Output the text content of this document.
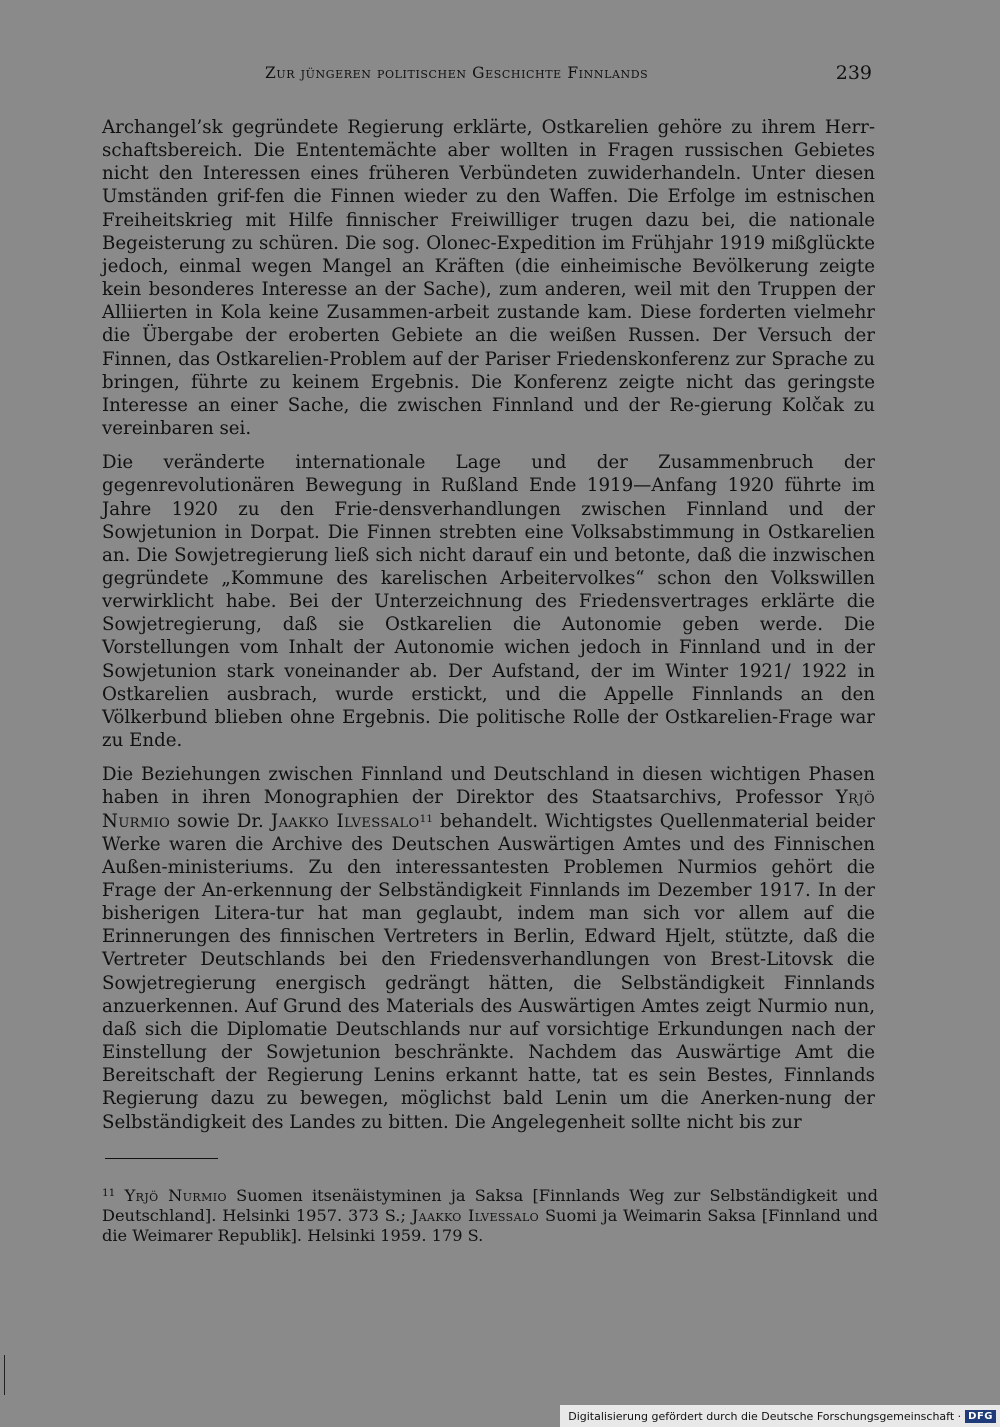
Zur jüngeren politischen Geschichte Finnlands	239

Archangel’sk gegründete Regierung erklärte, Ostkarelien gehöre zu ihrem Herr-schaftsbereich. Die Ententemächte aber wollten in Fragen russischen Gebietes nicht den Interessen eines früheren Verbündeten zuwiderhandeln. Unter diesen Umständen grif-fen die Finnen wieder zu den Waffen. Die Erfolge im estnischen Freiheitskrieg mit Hilfe finnischer Freiwilliger trugen dazu bei, die nationale Begeisterung zu schüren. Die sog. Olonec-Expedition im Frühjahr 1919 mißglückte jedoch, einmal wegen Mangel an Kräften (die einheimische Bevölkerung zeigte kein besonderes Interesse an der Sache), zum anderen, weil mit den Truppen der Alliierten in Kola keine Zusammen-arbeit zustande kam. Diese forderten vielmehr die Übergabe der eroberten Gebiete an die weißen Russen. Der Versuch der Finnen, das Ostkarelien-Problem auf der Pariser Friedenskonferenz zur Sprache zu bringen, führte zu keinem Ergebnis. Die Konferenz zeigte nicht das geringste Interesse an einer Sache, die zwischen Finnland und der Re-gierung Kolčak zu vereinbaren sei.

Die veränderte internationale Lage und der Zusammenbruch der gegenrevolutionären Bewegung in Rußland Ende 1919—Anfang 1920 führte im Jahre 1920 zu den Frie-densverhandlungen zwischen Finnland und der Sowjetunion in Dorpat. Die Finnen strebten eine Volksabstimmung in Ostkarelien an. Die Sowjetregierung ließ sich nicht darauf ein und betonte, daß die inzwischen gegründete „Kommune des karelischen Arbeitervolkes“ schon den Volkswillen verwirklicht habe. Bei der Unterzeichnung des Friedensvertrages erklärte die Sowjetregierung, daß sie Ostkarelien die Autonomie geben werde. Die Vorstellungen vom Inhalt der Autonomie wichen jedoch in Finnland und in der Sowjetunion stark voneinander ab. Der Aufstand, der im Winter 1921/ 1922 in Ostkarelien ausbrach, wurde erstickt, und die Appelle Finnlands an den Völkerbund blieben ohne Ergebnis. Die politische Rolle der Ostkarelien-Frage war zu Ende.

Die Beziehungen zwischen Finnland und Deutschland in diesen wichtigen Phasen haben in ihren Monographien der Direktor des Staatsarchivs, Professor Yrjö Nurmio sowie Dr. Jaakko Ilvessalo$^{11}$ behandelt. Wichtigstes Quellenmaterial beider Werke waren die Archive des Deutschen Auswärtigen Amtes und des Finnischen Außen-ministeriums. Zu den interessantesten Problemen Nurmios gehört die Frage der An-erkennung der Selbständigkeit Finnlands im Dezember 1917. In der bisherigen Litera-tur hat man geglaubt, indem man sich vor allem auf die Erinnerungen des finnischen Vertreters in Berlin, Edward Hjelt, stützte, daß die Vertreter Deutschlands bei den Friedensverhandlungen von Brest-Litovsk die Sowjetregierung energisch gedrängt hätten, die Selbständigkeit Finnlands anzuerkennen. Auf Grund des Materials des Auswärtigen Amtes zeigt Nurmio nun, daß sich die Diplomatie Deutschlands nur auf vorsichtige Erkundungen nach der Einstellung der Sowjetunion beschränkte. Nachdem das Auswärtige Amt die Bereitschaft der Regierung Lenins erkannt hatte, tat es sein Bestes, Finnlands Regierung dazu zu bewegen, möglichst bald Lenin um die Anerken-nung der Selbständigkeit des Landes zu bitten. Die Angelegenheit sollte nicht bis zur

$^{11}$ Yrjö Nurmio Suomen itsenäistyminen ja Saksa [Finnlands Weg zur Selbständigkeit und Deutschland]. Helsinki 1957. 373 S.; Jaakko Ilvessalo Suomi ja Weimarin Saksa [Finnland und die Weimarer Republik]. Helsinki 1959. 179 S.

Digitalisierung gefördert durch die Deutsche Forschungsgemeinschaft · DFG
